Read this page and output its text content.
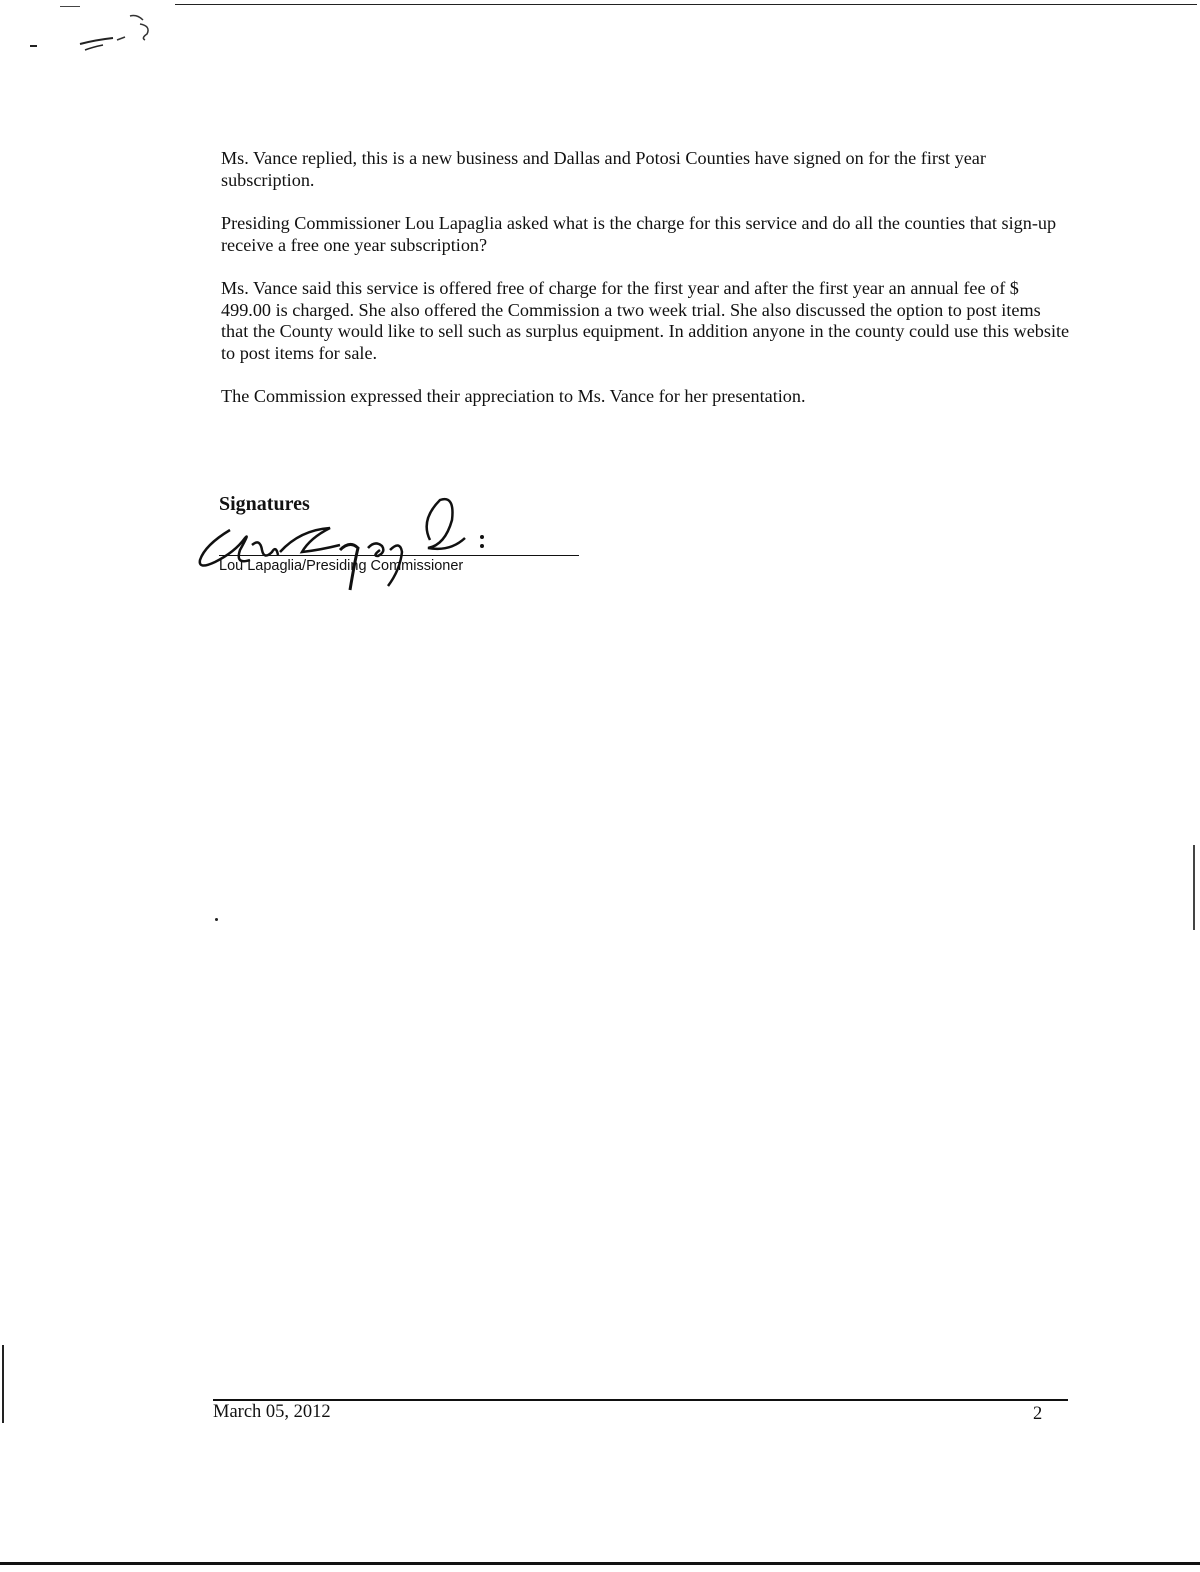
Ms. Vance replied, this is a new business and Dallas and Potosi Counties have signed on for the first year subscription.

Presiding Commissioner Lou Lapaglia asked what is the charge for this service and do all the counties that sign-up receive a free one year subscription?

Ms. Vance said this service is offered free of charge for the first year and after the first year an annual fee of $ 499.00 is charged. She also offered the Commission a two week trial. She also discussed the option to post items that the County would like to sell such as surplus equipment. In addition anyone in the county could use this website to post items for sale.

The Commission expressed their appreciation to Ms. Vance for her presentation.

Signatures
Lou Lapaglia/Presiding Commissioner
March 05, 2012	2
